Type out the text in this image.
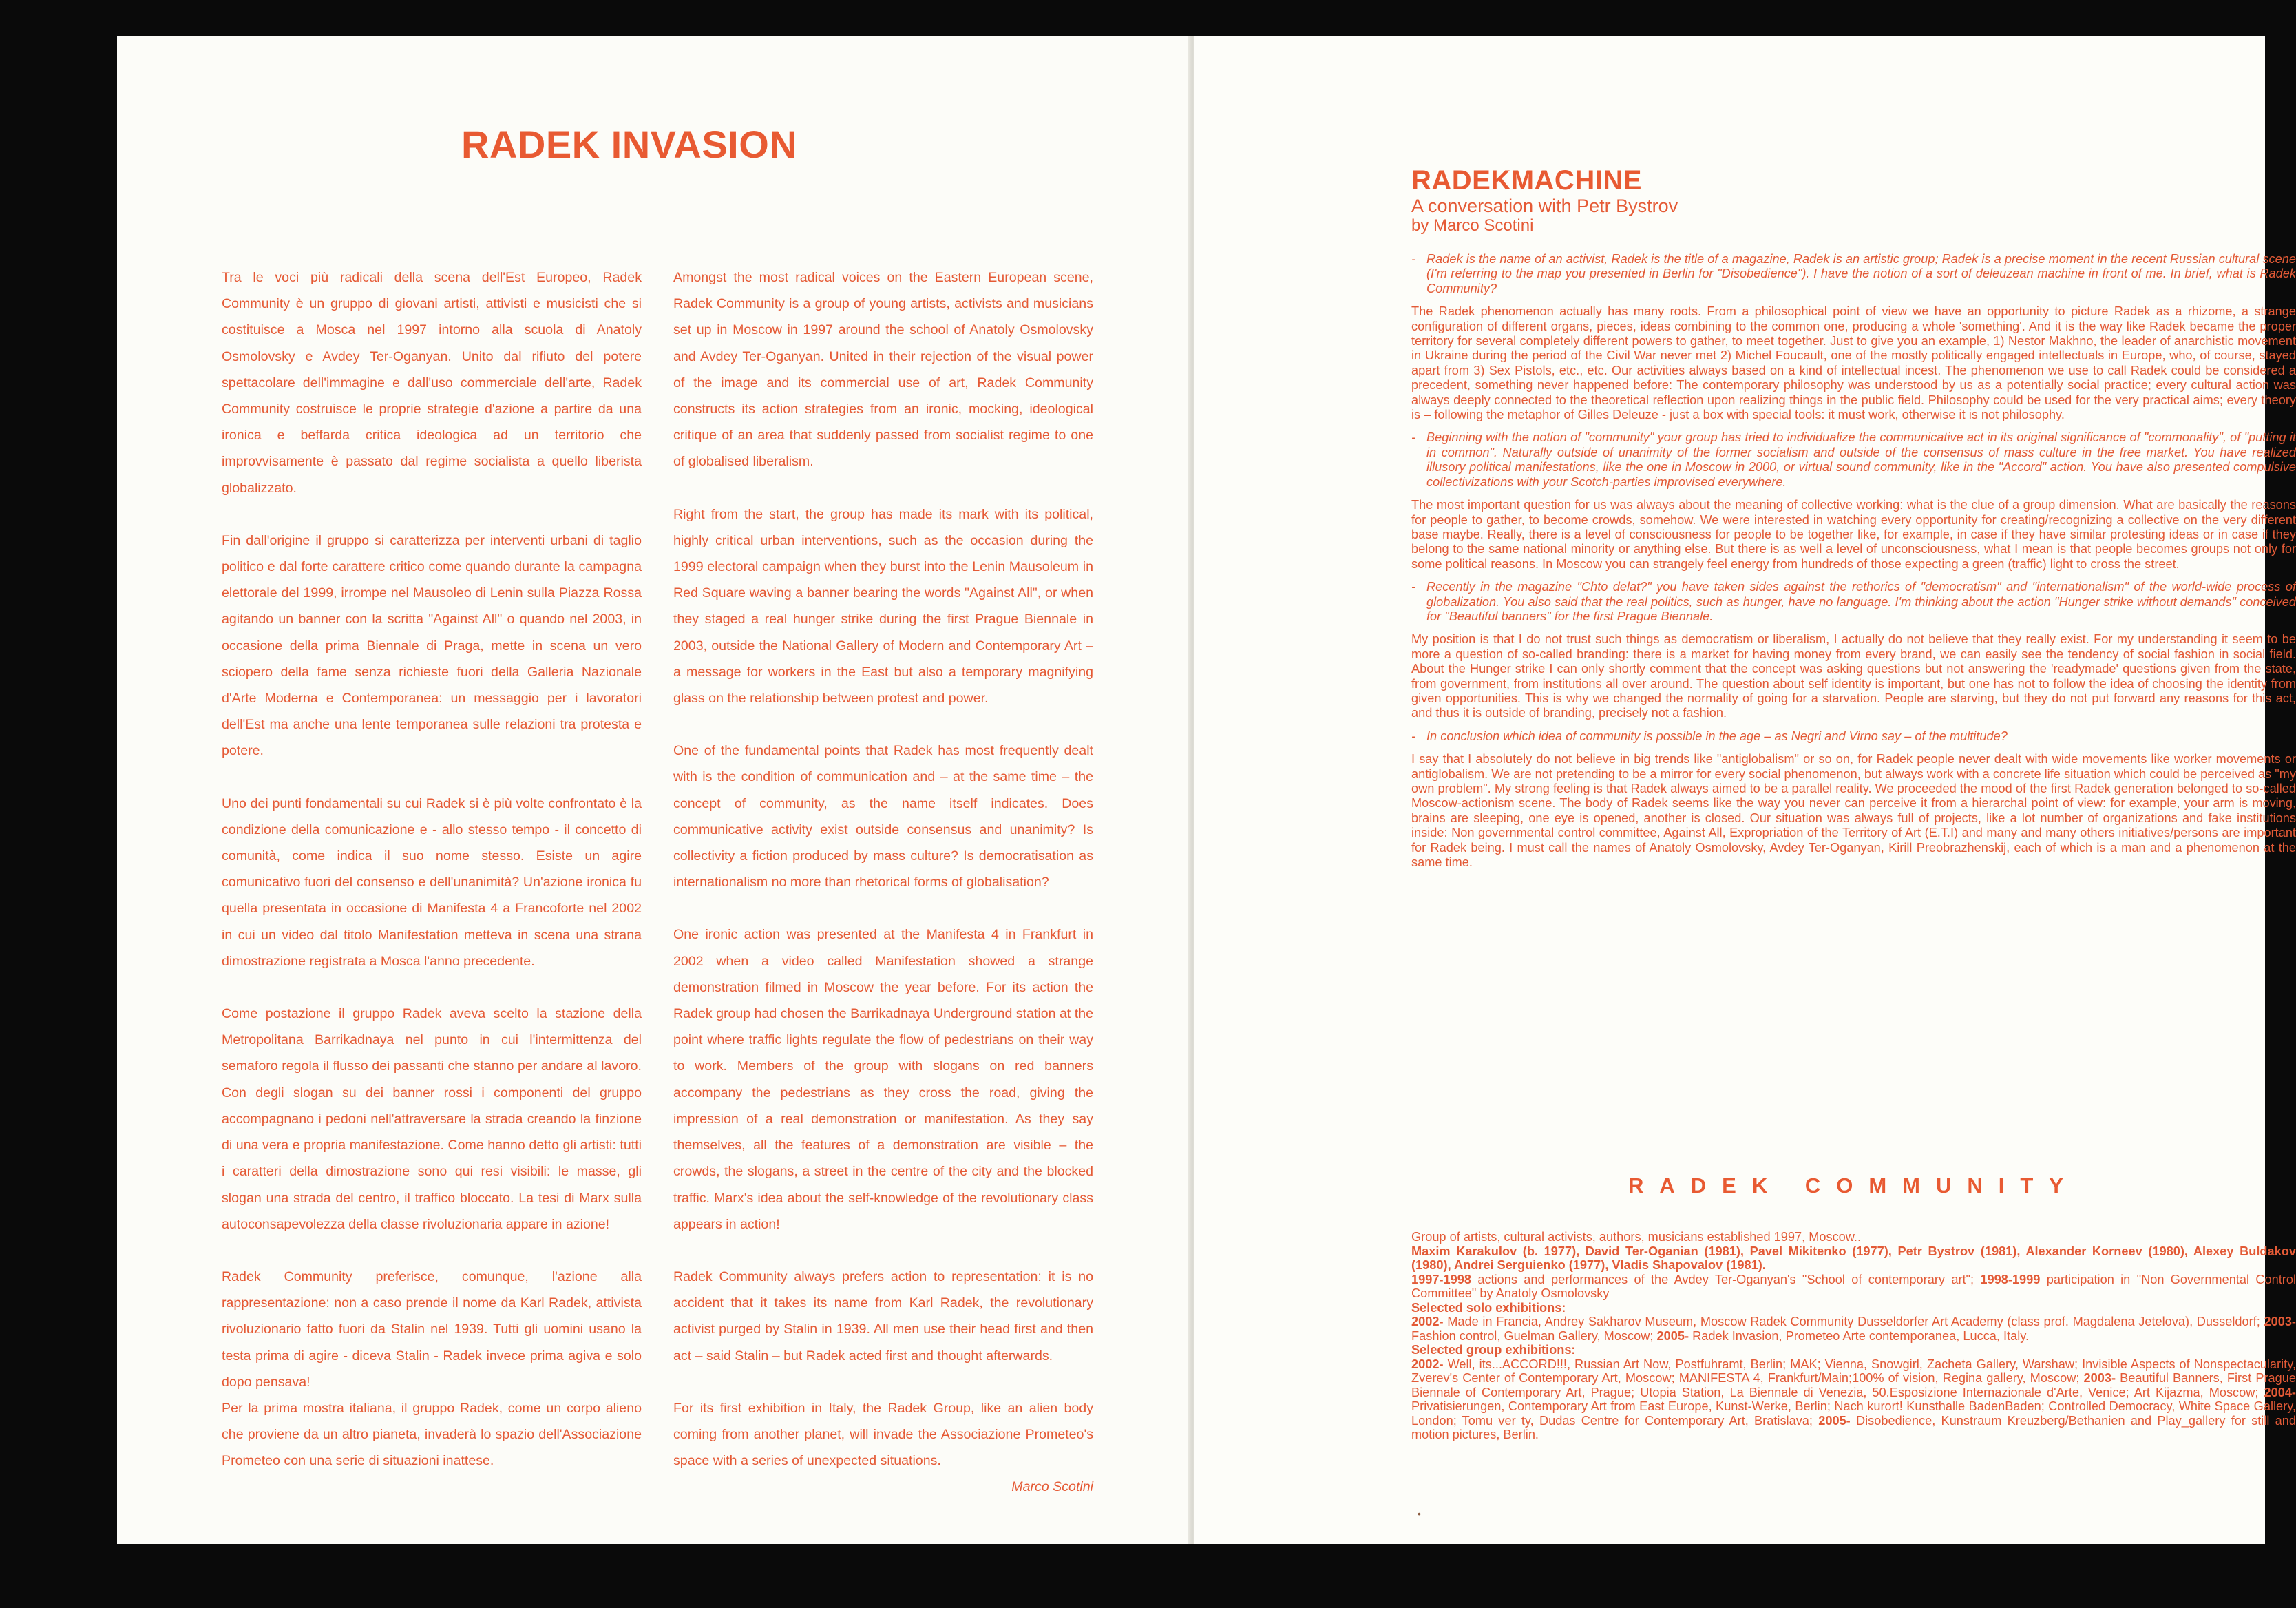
RADEK INVASION

Tra le voci più radicali della scena dell'Est Europeo, Radek Community è un gruppo di giovani artisti, attivisti e musicisti che si costituisce a Mosca nel 1997 intorno alla scuola di Anatoly Osmolovsky e Avdey Ter-Oganyan. Unito dal rifiuto del potere spettacolare dell'immagine e dall'uso commerciale dell'arte, Radek Community costruisce le proprie strategie d'azione a partire da una ironica e beffarda critica ideologica ad un territorio che improvvisamente è passato dal regime socialista a quello liberista globalizzato.

Fin dall'origine il gruppo si caratterizza per interventi urbani di taglio politico e dal forte carattere critico come quando durante la campagna elettorale del 1999, irrompe nel Mausoleo di Lenin sulla Piazza Rossa agitando un banner con la scritta "Against All" o quando nel 2003, in occasione della prima Biennale di Praga, mette in scena un vero sciopero della fame senza richieste fuori della Galleria Nazionale d'Arte Moderna e Contemporanea: un messaggio per i lavoratori dell'Est ma anche una lente temporanea sulle relazioni tra protesta e potere.

Uno dei punti fondamentali su cui Radek si è più volte confrontato è la condizione della comunicazione e - allo stesso tempo - il concetto di comunità, come indica il suo nome stesso. Esiste un agire comunicativo fuori del consenso e dell'unanimità? Un'azione ironica fu quella presentata in occasione di Manifesta 4 a Francoforte nel 2002 in cui un video dal titolo Manifestation metteva in scena una strana dimostrazione registrata a Mosca l'anno precedente.

Come postazione il gruppo Radek aveva scelto la stazione della Metropolitana Barrikadnaya nel punto in cui l'intermittenza del semaforo regola il flusso dei passanti che stanno per andare al lavoro. Con degli slogan su dei banner rossi i componenti del gruppo accompagnano i pedoni nell'attraversare la strada creando la finzione di una vera e propria manifestazione. Come hanno detto gli artisti: tutti i caratteri della dimostrazione sono qui resi visibili: le masse, gli slogan una strada del centro, il traffico bloccato. La tesi di Marx sulla autoconsapevolezza della classe rivoluzionaria appare in azione!

Radek Community preferisce, comunque, l'azione alla rappresentazione: non a caso prende il nome da Karl Radek, attivista rivoluzionario fatto fuori da Stalin nel 1939. Tutti gli uomini usano la testa prima di agire - diceva Stalin - Radek invece prima agiva e solo dopo pensava!

Per la prima mostra italiana, il gruppo Radek, come un corpo alieno che proviene da un altro pianeta, invaderà lo spazio dell'Associazione Prometeo con una serie di situazioni inattese.

Amongst the most radical voices on the Eastern European scene, Radek Community is a group of young artists, activists and musicians set up in Moscow in 1997 around the school of Anatoly Osmolovsky and Avdey Ter-Oganyan. United in their rejection of the visual power of the image and its commercial use of art, Radek Community constructs its action strategies from an ironic, mocking, ideological critique of an area that suddenly passed from socialist regime to one of globalised liberalism.

Right from the start, the group has made its mark with its political, highly critical urban interventions, such as the occasion during the 1999 electoral campaign when they burst into the Lenin Mausoleum in Red Square waving a banner bearing the words "Against All", or when they staged a real hunger strike during the first Prague Biennale in 2003, outside the National Gallery of Modern and Contemporary Art – a message for workers in the East but also a temporary magnifying glass on the relationship between protest and power.

One of the fundamental points that Radek has most frequently dealt with is the condition of communication and – at the same time – the concept of community, as the name itself indicates. Does communicative activity exist outside consensus and unanimity? Is collectivity a fiction produced by mass culture? Is democratisation as internationalism no more than rhetorical forms of globalisation?

One ironic action was presented at the Manifesta 4 in Frankfurt in 2002 when a video called Manifestation showed a strange demonstration filmed in Moscow the year before. For its action the Radek group had chosen the Barrikadnaya Underground station at the point where traffic lights regulate the flow of pedestrians on their way to work. Members of the group with slogans on red banners accompany the pedestrians as they cross the road, giving the impression of a real demonstration or manifestation. As they say themselves, all the features of a demonstration are visible – the crowds, the slogans, a street in the centre of the city and the blocked traffic. Marx's idea about the self-knowledge of the revolutionary class appears in action!

Radek Community always prefers action to representation: it is no accident that it takes its name from Karl Radek, the revolutionary activist purged by Stalin in 1939. All men use their head first and then act – said Stalin – but Radek acted first and thought afterwards.

For its first exhibition in Italy, the Radek Group, like an alien body coming from another planet, will invade the Associazione Prometeo's space with a series of unexpected situations.

Marco Scotini
RADEKMACHINE
A conversation with Petr Bystrov
by Marco Scotini

- Radek is the name of an activist, Radek is the title of a magazine, Radek is an artistic group; Radek is a precise moment in the recent Russian cultural scene (I'm referring to the map you presented in Berlin for "Disobedience"). I have the notion of a sort of deleuzean machine in front of me. In brief, what is Radek Community?

The Radek phenomenon actually has many roots. From a philosophical point of view we have an opportunity to picture Radek as a rhizome, a strange configuration of different organs, pieces, ideas combining to the common one, producing a whole 'something'. And it is the way like Radek became the proper territory for several completely different powers to gather, to meet together. Just to give you an example, 1) Nestor Makhno, the leader of anarchistic movement in Ukraine during the period of the Civil War never met 2) Michel Foucault, one of the mostly politically engaged intellectuals in Europe, who, of course, stayed apart from 3) Sex Pistols, etc., etc. Our activities always based on a kind of intellectual incest. The phenomenon we use to call Radek could be considered a precedent, something never happened before: The contemporary philosophy was understood by us as a potentially social practice; every cultural action was always deeply connected to the theoretical reflection upon realizing things in the public field. Philosophy could be used for the very practical aims; every theory is – following the metaphor of Gilles Deleuze - just a box with special tools: it must work, otherwise it is not philosophy.

- Beginning with the notion of "community" your group has tried to individualize the communicative act in its original significance of "commonality", of "putting it in common". Naturally outside of unanimity of the former socialism and outside of the consensus of mass culture in the free market. You have realized illusory political manifestations, like the one in Moscow in 2000, or virtual sound community, like in the "Accord" action. You have also presented compulsive collectivizations with your Scotch-parties improvised everywhere.

The most important question for us was always about the meaning of collective working: what is the clue of a group dimension. What are basically the reasons for people to gather, to become crowds, somehow. We were interested in watching every opportunity for creating/recognizing a collective on the very different base maybe. Really, there is a level of consciousness for people to be together like, for example, in case if they have similar protesting ideas or in case if they belong to the same national minority or anything else. But there is as well a level of unconsciousness, what I mean is that people becomes groups not only for some political reasons. In Moscow you can strangely feel energy from hundreds of those expecting a green (traffic) light to cross the street.

- Recently in the magazine "Chto delat?" you have taken sides against the rethorics of "democratism" and "internationalism" of the world-wide process of globalization. You also said that the real politics, such as hunger, have no language. I'm thinking about the action "Hunger strike without demands" conceived for "Beautiful banners" for the first Prague Biennale.

My position is that I do not trust such things as democratism or liberalism, I actually do not believe that they really exist. For my understanding it seem to be more a question of so-called branding: there is a market for having money from every brand, we can easily see the tendency of social fashion in social field. About the Hunger strike I can only shortly comment that the concept was asking questions but not answering the 'readymade' questions given from the state, from government, from institutions all over around. The question about self identity is important, but one has not to follow the idea of choosing the identity from given opportunities. This is why we changed the normality of going for a starvation. People are starving, but they do not put forward any reasons for this act, and thus it is outside of branding, precisely not a fashion.

- In conclusion which idea of community is possible in the age – as Negri and Virno say – of the multitude?

I say that I absolutely do not believe in big trends like "antiglobalism" or so on, for Radek people never dealt with wide movements like worker movements or antiglobalism. We are not pretending to be a mirror for every social phenomenon, but always work with a concrete life situation which could be perceived as "my own problem". My strong feeling is that Radek always aimed to be a parallel reality. We proceeded the mood of the first Radek generation belonged to so-called Moscow-actionism scene. The body of Radek seems like the way you never can perceive it from a hierarchal point of view: for example, your arm is moving, brains are sleeping, one eye is opened, another is closed. Our situation was always full of projects, like a lot number of organizations and fake institutions inside: Non governmental control committee, Against All, Expropriation of the Territory of Art (E.T.I) and many and many others initiatives/persons are important for Radek being. I must call the names of Anatoly Osmolovsky, Avdey Ter-Oganyan, Kirill Preobrazhenskij, each of which is a man and a phenomenon at the same time.

RADEK COMMUNITY

Group of artists, cultural activists, authors, musicians established 1997, Moscow..

Maxim Karakulov (b. 1977), David Ter-Oganian (1981), Pavel Mikitenko (1977), Petr Bystrov (1981), Alexander Korneev (1980), Alexey Buldakov (1980), Andrei Serguienko (1977), Vladis Shapovalov (1981).

1997-1998 actions and performances of the Avdey Ter-Oganyan's "School of contemporary art"; 1998-1999 participation in "Non Governmental Control Committee" by Anatoly Osmolovsky

Selected solo exhibitions:

2002- Made in Francia, Andrey Sakharov Museum, Moscow Radek Community Dusseldorfer Art Academy (class prof. Magdalena Jetelova), Dusseldorf; 2003- Fashion control, Guelman Gallery, Moscow; 2005- Radek Invasion, Prometeo Arte contemporanea, Lucca, Italy.

Selected group exhibitions:

2002- Well, its...ACCORD!!!, Russian Art Now, Postfuhramt, Berlin; MAK; Vienna, Snowgirl, Zacheta Gallery, Warshaw; Invisible Aspects of Nonspectacularity, Zverev's Center of Contemporary Art, Moscow; MANIFESTA 4, Frankfurt/Main;100% of vision, Regina gallery, Moscow; 2003- Beautiful Banners, First Prague Biennale of Contemporary Art, Prague; Utopia Station, La Biennale di Venezia, 50.Esposizione Internazionale d'Arte, Venice; Art Kijazma, Moscow; 2004- Privatisierungen, Contemporary Art from East Europe, Kunst-Werke, Berlin; Nach kurort! Kunsthalle BadenBaden; Controlled Democracy, White Space Gallery, London; Tomu ver ty, Dudas Centre for Contemporary Art, Bratislava; 2005- Disobedience, Kunstraum Kreuzberg/Bethanien and Play_gallery for still and motion pictures, Berlin.

•
